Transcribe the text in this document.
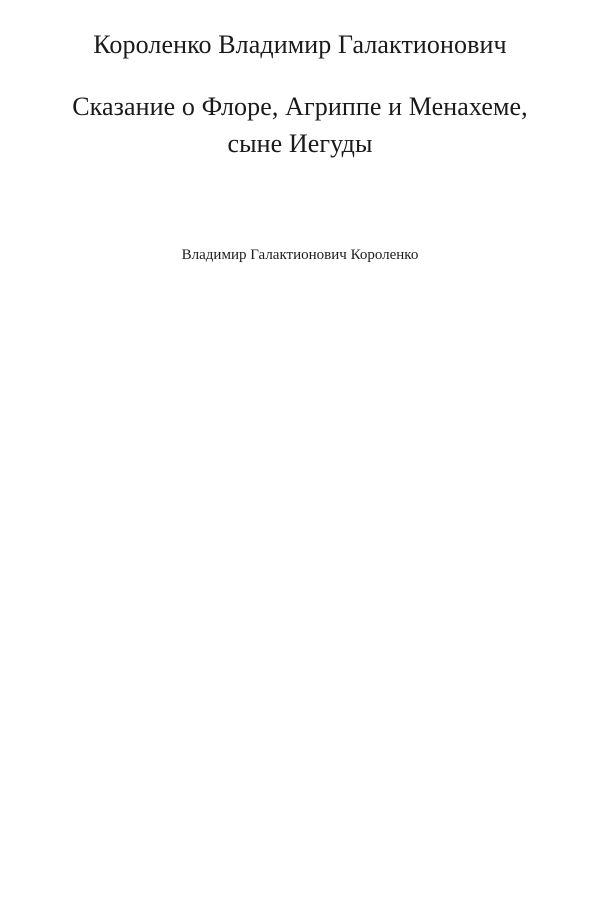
Короленко Владимир Галактионович
Сказание о Флоре, Агриппе и Менахеме, сыне Иегуды

Владимир Галактионович Короленко
